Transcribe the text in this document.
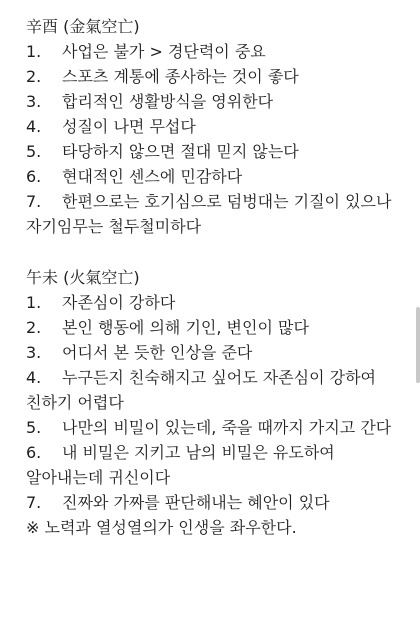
辛酉 (金氣空亡)
1. 사업은 불가 > 경단력이 중요
2. 스포츠 계통에 종사하는 것이 좋다
3. 합리적인 생활방식을 영위한다
4. 성질이 나면 무섭다
5. 타당하지 않으면 절대 믿지 않는다
6. 현대적인 센스에 민감하다
7. 한편으로는 호기심으로 덤벙대는 기질이 있으나 자기임무는 철두철미하다
午未 (火氣空亡)
1. 자존심이 강하다
2. 본인 행동에 의해 기인, 변인이 많다
3. 어디서 본 듯한 인상을 준다
4. 누구든지 친숙해지고 싶어도 자존심이 강하여 친하기 어렵다
5. 나만의 비밀이 있는데, 죽을 때까지 가지고 간다
6. 내 비밀은 지키고 남의 비밀은 유도하여 알아내는데 귀신이다
7. 진짜와 가짜를 판단해내는 혜안이 있다
※ 노력과 열성열의가 인생을 좌우한다.
